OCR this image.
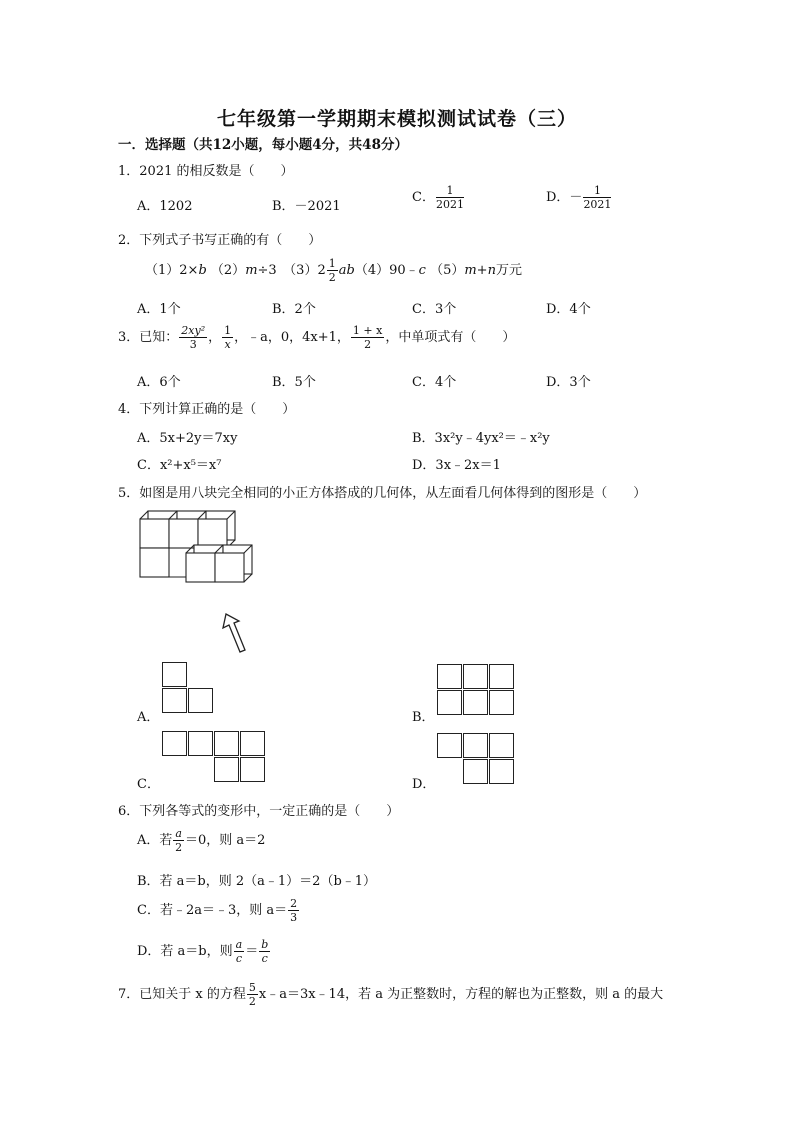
七年级第一学期期末模拟测试试卷（三）
一．选择题（共12小题，每小题4分，共48分）
1．2021 的相反数是（　　）
A．1202	B．－2021
C． $\frac{1}{2021}$	D．－ $\frac{1}{2021}$
2．下列式子书写正确的有（　　）
（1）2×b （2）m÷3　$(3)2 \frac{1}{2}$ ab（4）90﹣c （5）m+n万元
A．1个	B．2个	C．3个	D．4个
3．已知： $\frac{\text{2xy²}}{3}$ ， $\frac{1}{x}$ ，﹣a，0，4x+1， $\frac{1 + x}{2}$ ，中单项式有（　　）
A．6个	B．5个	C．4个	D．3个
4．下列计算正确的是（　　）
A．5x+2y＝7xy	B．3x²y﹣4yx²＝﹣x²y
C．x²+x⁵＝x⁷	D．3x﹣2x＝1
5．如图是用八块完全相同的小正方体搭成的几何体，从左面看几何体得到的图形是（　　）
A．	B．
C．	D．
6．下列各等式的变形中，一定正确的是（　　）
A．若 $\frac{a}{2} =0$，则 a＝2
B．若 a＝b，则 2（a﹣1）＝2（b﹣1）
C．若﹣2a＝﹣3，则 $a= \frac{2}{3}$
D．若 a＝b，则 $\frac{a}{c} = \frac{b}{c}$
7．已知关于 x 的方程 $\frac{5}{2}$ x﹣a＝3x﹣14，若 a 为正整数时，方程的解也为正整数，则 a 的最大
